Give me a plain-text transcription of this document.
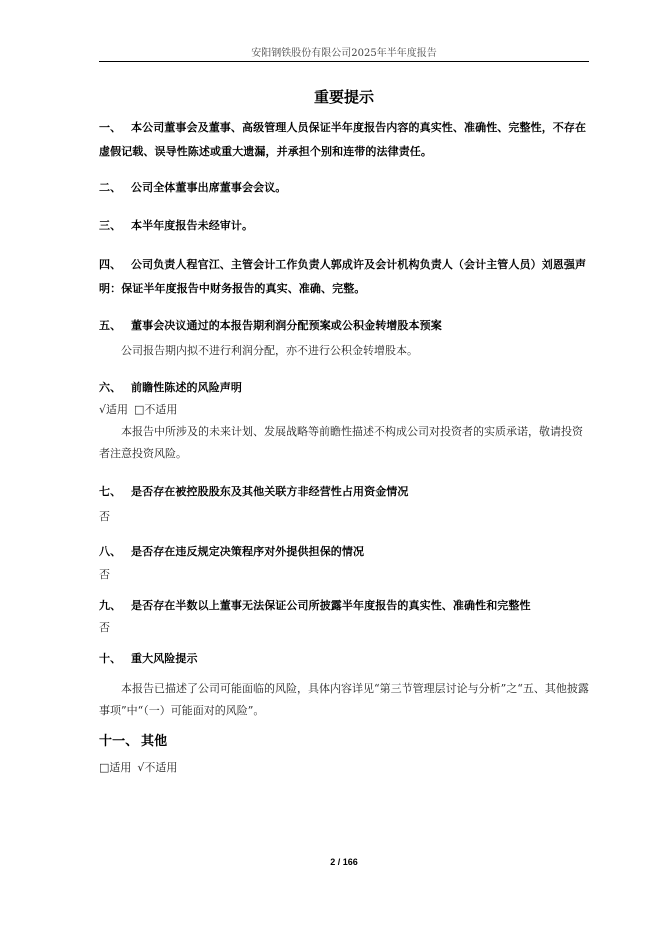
安阳钢铁股份有限公司2025年半年度报告
重要提示
一、 本公司董事会及董事、高级管理人员保证半年度报告内容的真实性、准确性、完整性，不存在虚假记载、误导性陈述或重大遗漏，并承担个别和连带的法律责任。
二、 公司全体董事出席董事会会议。
三、 本半年度报告未经审计。
四、 公司负责人程官江、主管会计工作负责人郭成许及会计机构负责人（会计主管人员）刘恩强声明：保证半年度报告中财务报告的真实、准确、完整。
五、 董事会决议通过的本报告期利润分配预案或公积金转增股本预案
公司报告期内拟不进行利润分配，亦不进行公积金转增股本。
六、 前瞻性陈述的风险声明
√适用 □不适用
本报告中所涉及的未来计划、发展战略等前瞻性描述不构成公司对投资者的实质承诺，敬请投资者注意投资风险。
七、 是否存在被控股股东及其他关联方非经营性占用资金情况
否
八、 是否存在违反规定决策程序对外提供担保的情况
否
九、 是否存在半数以上董事无法保证公司所披露半年度报告的真实性、准确性和完整性
否
十、 重大风险提示
本报告已描述了公司可能面临的风险，具体内容详见“第三节管理层讨论与分析”之“五、其他披露事项”中“（一）可能面对的风险”。
十一、 其他
□适用 √不适用
2 / 166
